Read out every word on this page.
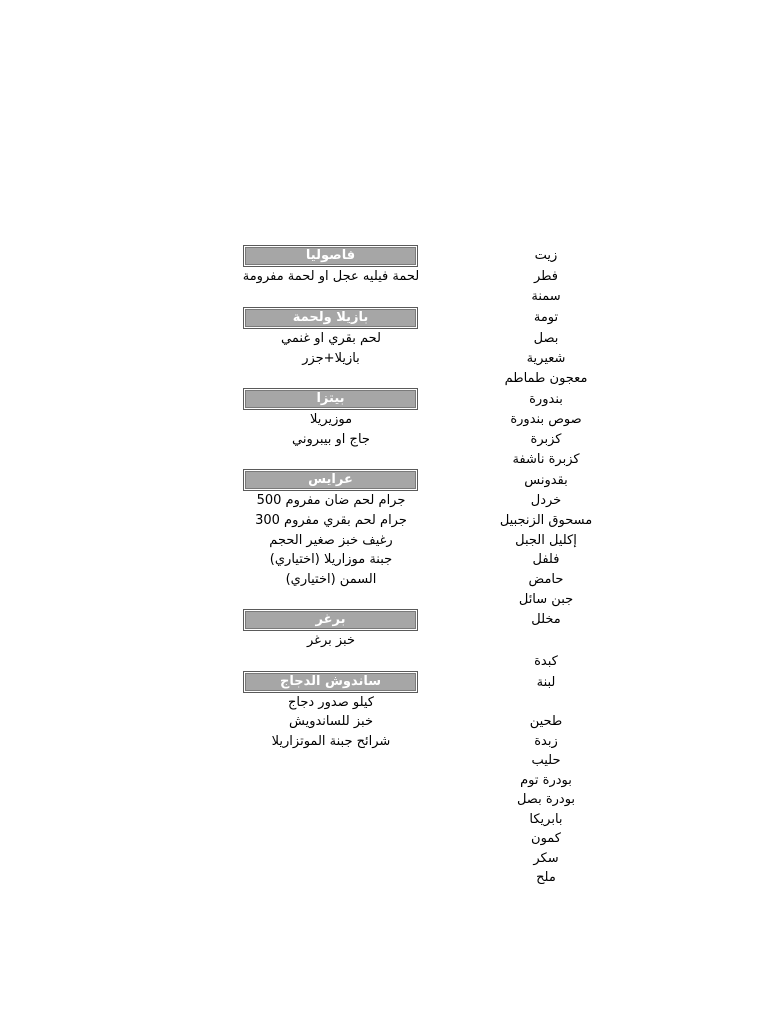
فاصوليا
لحمة فيليه عجل او لحمة مفرومة
بازيلا ولحمة
لحم بقري او غنمي
بازيلا+جزر
بيتزا
موزيريلا
جاج او بيبروني
عرايس
جرام لحم ضان مفروم 500
جرام لحم بقري مفروم 300
رغيف خبز صغير الحجم
جبنة موزاريلا (اختياري)
السمن (اختياري)
برغر
خبز برغر
ساندوش الدجاج
كيلو صدور دجاج
خبز للساندويش
شرائح جبنة الموتزاريلا
زيت
فطر
سمنة
تومة
بصل
شعيرية
معجون طماطم
بندورة
صوص بندورة
كزبرة
كزبرة ناشفة
بقدونس
خردل
مسحوق الزنجبيل
إكليل الجبل
فلفل
حامض
جبن سائل
مخلل
كبدة
لبنة
طحين
زبدة
حليب
بودرة توم
بودرة بصل
بابريكا
كمون
سكر
ملح
